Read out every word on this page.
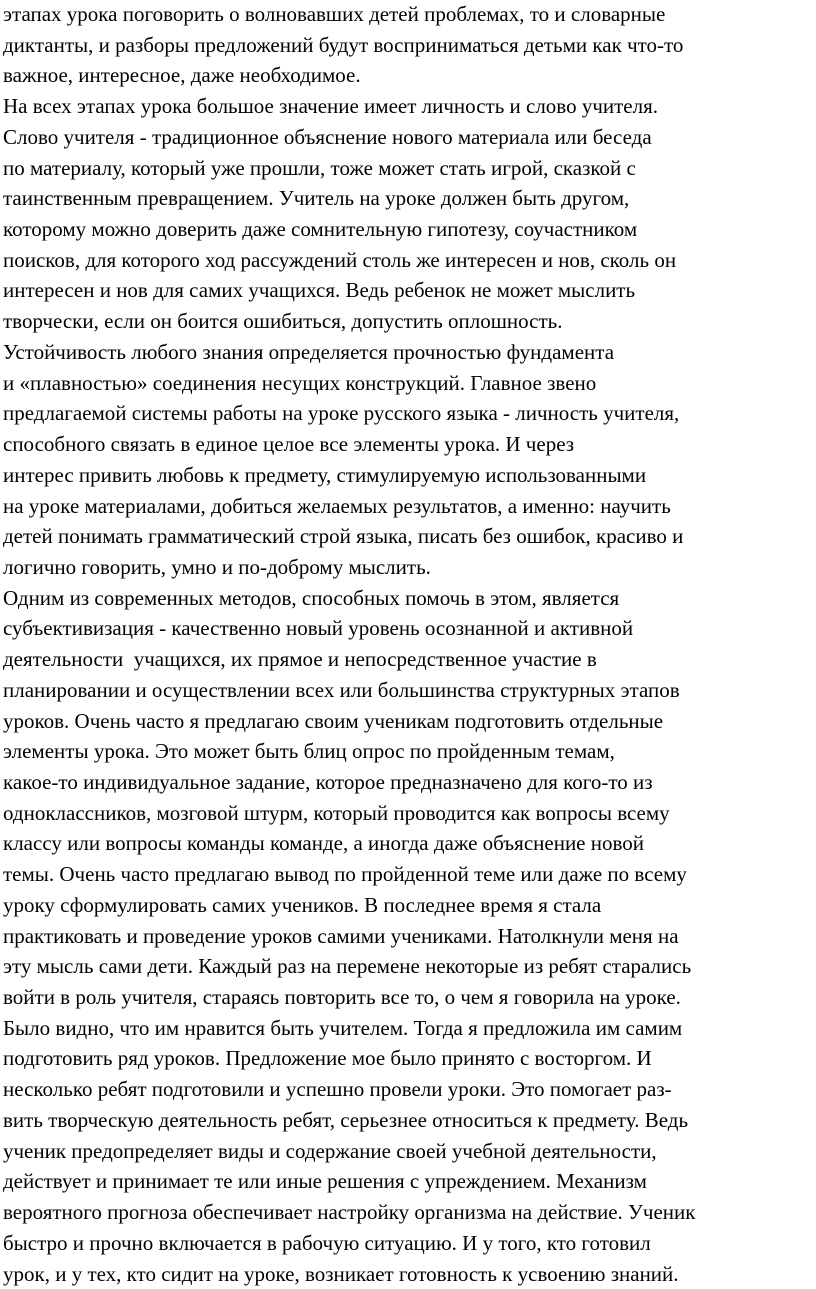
этапах урока поговорить о волновавших детей проблемах, то и словарные

диктанты, и разборы предложений будут восприниматься детьми как что-то

важное, интересное, даже необходимое.

На всех этапах урока большое значение имеет личность и слово учителя.

Слово учителя - традиционное объяснение нового материала или беседа

по материалу, который уже прошли, тоже может стать игрой, сказкой с

таинственным превращением. Учитель на уроке должен быть другом,

которому можно доверить даже сомнительную гипотезу, соучастником

поисков, для которого ход рассуждений столь же интересен и нов, сколь он

интересен и нов для самих учащихся. Ведь ребенок не может мыслить

творчески, если он боится ошибиться, допустить оплошность.

Устойчивость любого знания определяется прочностью фундамента

и «плавностью» соединения несущих конструкций. Главное звено

предлагаемой системы работы на уроке русского языка - личность учителя,

способного связать в единое целое все элементы урока. И через

интерес привить любовь к предмету, стимулируемую использованными

на уроке материалами, добиться желаемых результатов, а именно: научить

детей понимать грамматический строй языка, писать без ошибок, красиво и

логично говорить, умно и по-доброму мыслить.

Одним из современных методов, способных помочь в этом, является

субъективизация - качественно новый уровень осознанной и активной

деятельности  учащихся, их прямое и непосредственное участие в

планировании и осуществлении всех или большинства структурных этапов

уроков. Очень часто я предлагаю своим ученикам подготовить отдельные

элементы урока. Это может быть блиц опрос по пройденным темам,

какое-то индивидуальное задание, которое предназначено для кого-то из

одноклассников, мозговой штурм, который проводится как вопросы всему

классу или вопросы команды команде, а иногда даже объяснение новой

темы. Очень часто предлагаю вывод по пройденной теме или даже по всему

уроку сформулировать самих учеников. В последнее время я стала

практиковать и проведение уроков самими учениками. Натолкнули меня на

эту мысль сами дети. Каждый раз на перемене некоторые из ребят старались

войти в роль учителя, стараясь повторить все то, о чем я говорила на уроке.

Было видно, что им нравится быть учителем. Тогда я предложила им самим

подготовить ряд уроков. Предложение мое было принято с восторгом. И

несколько ребят подготовили и успешно провели уроки. Это помогает раз-

вить творческую деятельность ребят, серьезнее относиться к предмету. Ведь

ученик предопределяет виды и содержание своей учебной деятельности,

действует и принимает те или иные решения с упреждением. Механизм

вероятного прогноза обеспечивает настройку организма на действие. Ученик

быстро и прочно включается в рабочую ситуацию. И у того, кто готовил

урок, и у тех, кто сидит на уроке, возникает готовность к усвоению знаний.
